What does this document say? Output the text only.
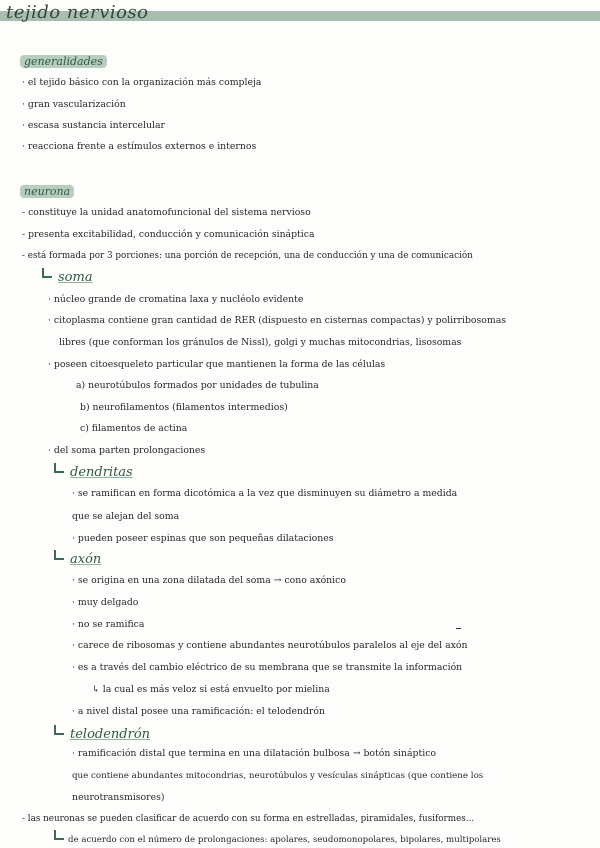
tejido nervioso
generalidades
· el tejido básico con la organización más compleja
· gran vascularización
· escasa sustancia intercelular
· reacciona frente a estímulos externos e internos
neurona
- constituye la unidad anatomofuncional del sistema nervioso
- presenta excitabilidad, conducción y comunicación sináptica
- está formada por 3 porciones: una porción de recepción, una de conducción y una de comunicación
soma
· núcleo grande de cromatina laxa y nucléolo evidente
· citoplasma contiene gran cantidad de RER (dispuesto en cisternas compactas) y polirribosomas
libres (que conforman los gránulos de Nissl), golgi y muchas mitocondrias, lisosomas
· poseen citoesqueleto particular que mantienen la forma de las células
a) neurotúbulos formados por unidades de tubulina
b) neurofilamentos (filamentos intermedios)
c) filamentos de actina
· del soma parten prolongaciones
dendritas
· se ramifican en forma dicotómica a la vez que disminuyen su diámetro a medida
que se alejan del soma
· pueden poseer espinas que son pequeñas dilataciones
axón
· se origina en una zona dilatada del soma → cono axónico
· muy delgado
· no se ramifica
· carece de ribosomas y contiene abundantes neurotúbulos paralelos al eje del axón
· es a través del cambio eléctrico de su membrana que se transmite la información
↳ la cual es más veloz si está envuelto por mielina
· a nivel distal posee una ramificación: el telodendrón
telodendrón
· ramificación distal que termina en una dilatación bulbosa → botón sináptico
que contiene abundantes mitocondrias, neurotúbulos y vesículas sinápticas (que contiene los
neurotransmisores)
- las neuronas se pueden clasificar de acuerdo con su forma en estrelladas, piramidales, fusiformes...
de acuerdo con el número de prolongaciones: apolares, seudomonopolares, bipolares, multipolares
